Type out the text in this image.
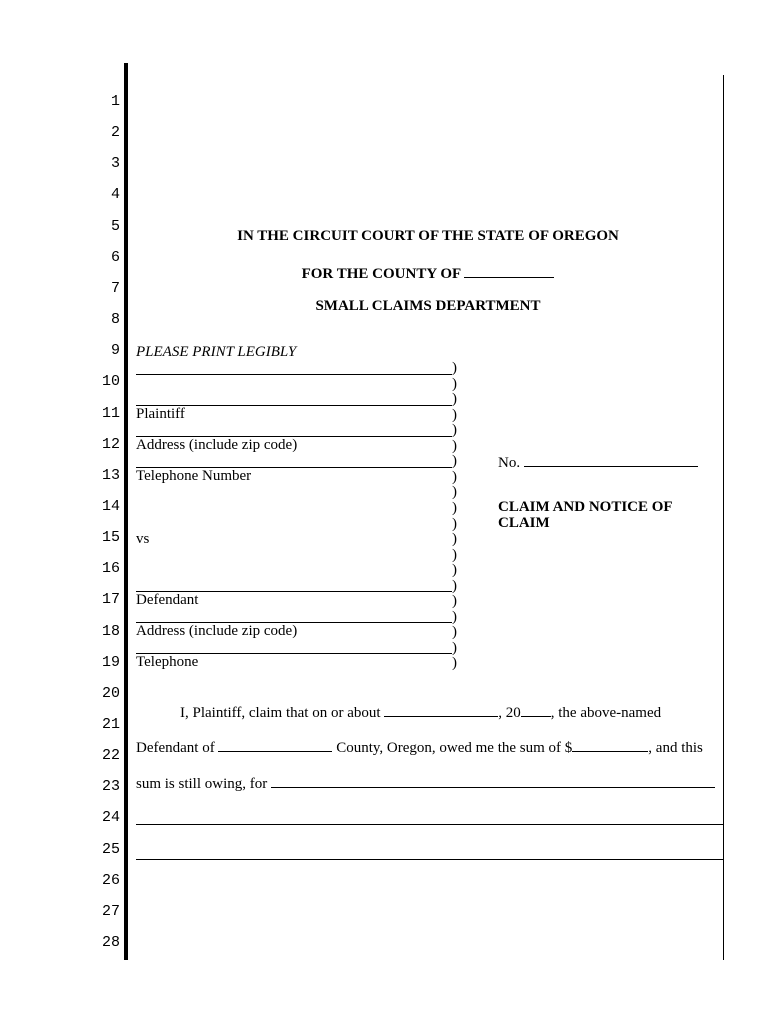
1
2
3
4
5
6
7
8
9
10
11
12
13
14
15
16
17
18
19
20
21
22
23
24
25
26
27
28
IN THE CIRCUIT COURT OF THE STATE OF OREGON
FOR THE COUNTY OF
SMALL CLAIMS DEPARTMENT
PLEASE PRINT LEGIBLY
Plaintiff
Address (include zip code)
Telephone Number
vs
Defendant
Address (include zip code)
Telephone
)
)
)
)
)
)
)
)
)
)
)
)
)
)
)
)
)
)
)
)
No.
CLAIM AND NOTICE OF CLAIM
I, Plaintiff, claim that on or about	, 20 , the above-named
Defendant of	County, Oregon, owed me the sum of $	, and this
sum is still owing, for
